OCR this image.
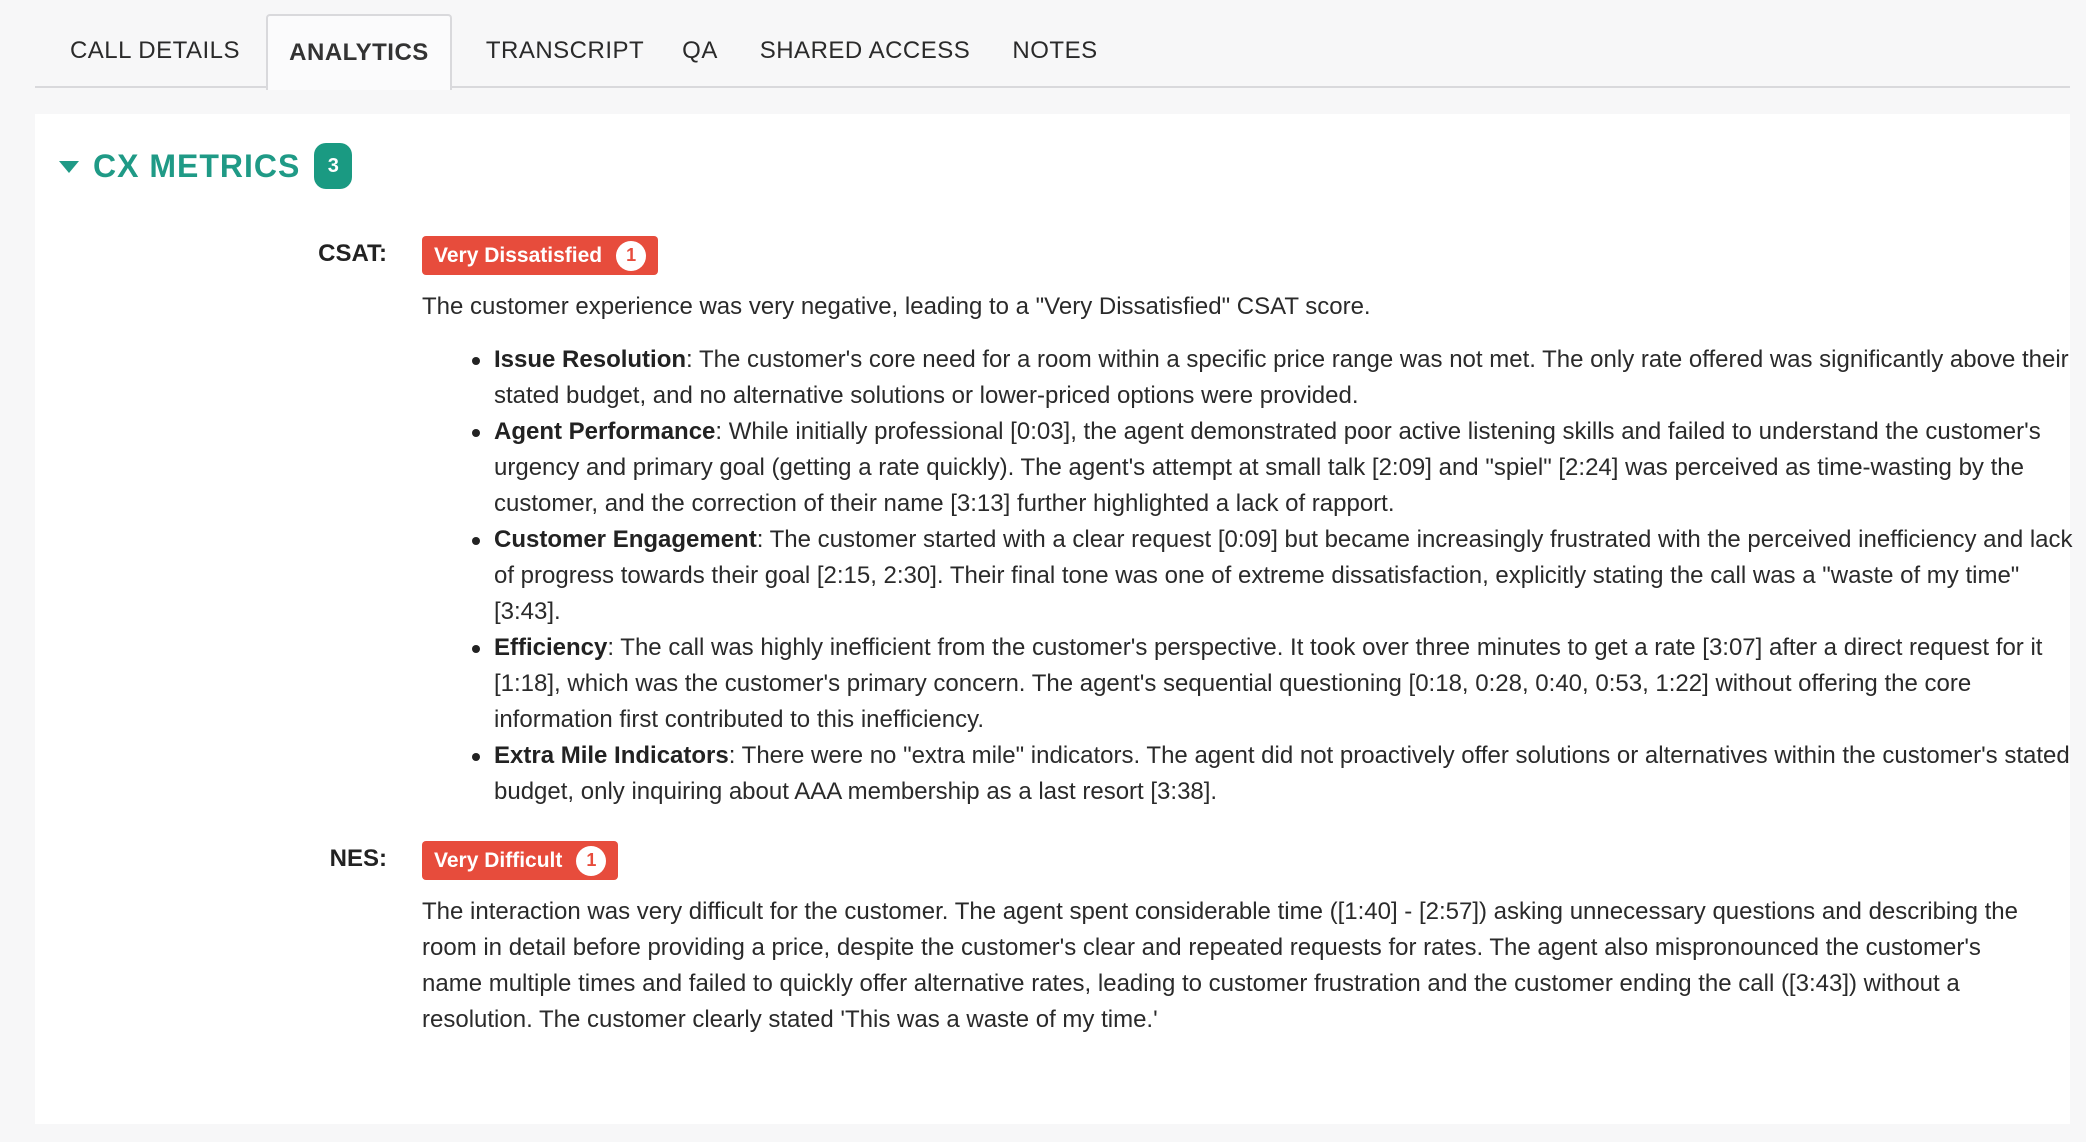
CALL DETAILS	ANALYTICS	TRANSCRIPT	QA	SHARED ACCESS	NOTES
CX METRICS	3
CSAT: Very Dissatisfied	1
The customer experience was very negative, leading to a "Very Dissatisfied" CSAT score.
Issue Resolution: The customer's core need for a room within a specific price range was not met. The only rate offered was significantly above their stated budget, and no alternative solutions or lower-priced options were provided.
Agent Performance: While initially professional [0:03], the agent demonstrated poor active listening skills and failed to understand the customer's urgency and primary goal (getting a rate quickly). The agent's attempt at small talk [2:09] and "spiel" [2:24] was perceived as time-wasting by the customer, and the correction of their name [3:13] further highlighted a lack of rapport.
Customer Engagement: The customer started with a clear request [0:09] but became increasingly frustrated with the perceived inefficiency and lack of progress towards their goal [2:15, 2:30]. Their final tone was one of extreme dissatisfaction, explicitly stating the call was a "waste of my time" [3:43].
Efficiency: The call was highly inefficient from the customer's perspective. It took over three minutes to get a rate [3:07] after a direct request for it [1:18], which was the customer's primary concern. The agent's sequential questioning [0:18, 0:28, 0:40, 0:53, 1:22] without offering the core information first contributed to this inefficiency.
Extra Mile Indicators: There were no "extra mile" indicators. The agent did not proactively offer solutions or alternatives within the customer's stated budget, only inquiring about AAA membership as a last resort [3:38].
NES: Very Difficult	1
The interaction was very difficult for the customer. The agent spent considerable time ([1:40] - [2:57]) asking unnecessary questions and describing the room in detail before providing a price, despite the customer's clear and repeated requests for rates. The agent also mispronounced the customer's name multiple times and failed to quickly offer alternative rates, leading to customer frustration and the customer ending the call ([3:43]) without a resolution. The customer clearly stated 'This was a waste of my time.'
